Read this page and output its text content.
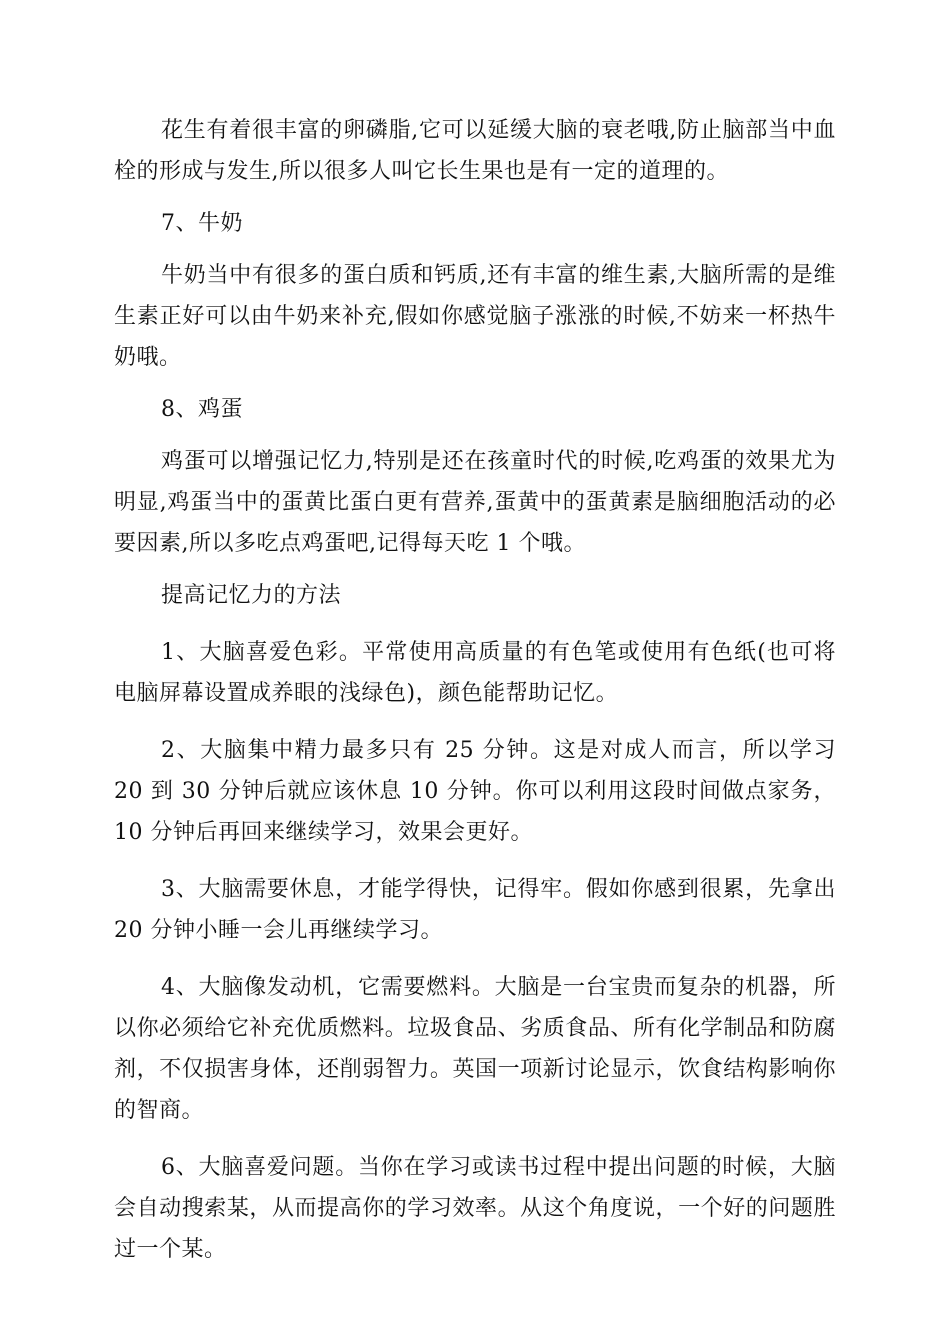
花生有着很丰富的卵磷脂,它可以延缓大脑的衰老哦,防止脑部当中血栓的形成与发生,所以很多人叫它长生果也是有一定的道理的。

7、牛奶

牛奶当中有很多的蛋白质和钙质,还有丰富的维生素,大脑所需的是维生素正好可以由牛奶来补充,假如你感觉脑子涨涨的时候,不妨来一杯热牛奶哦。

8、鸡蛋

鸡蛋可以增强记忆力,特别是还在孩童时代的时候,吃鸡蛋的效果尤为明显,鸡蛋当中的蛋黄比蛋白更有营养,蛋黄中的蛋黄素是脑细胞活动的必要因素,所以多吃点鸡蛋吧,记得每天吃 1 个哦。

提高记忆力的方法

1、大脑喜爱色彩。平常使用高质量的有色笔或使用有色纸(也可将电脑屏幕设置成养眼的浅绿色)，颜色能帮助记忆。

2、大脑集中精力最多只有 25 分钟。这是对成人而言，所以学习 20 到 30 分钟后就应该休息 10 分钟。你可以利用这段时间做点家务，10 分钟后再回来继续学习，效果会更好。

3、大脑需要休息，才能学得快，记得牢。假如你感到很累，先拿出 20 分钟小睡一会儿再继续学习。

4、大脑像发动机，它需要燃料。大脑是一台宝贵而复杂的机器，所以你必须给它补充优质燃料。垃圾食品、劣质食品、所有化学制品和防腐剂，不仅损害身体，还削弱智力。英国一项新讨论显示，饮食结构影响你的智商。

6、大脑喜爱问题。当你在学习或读书过程中提出问题的时候，大脑会自动搜索某，从而提高你的学习效率。从这个角度说，一个好的问题胜过一个某。
